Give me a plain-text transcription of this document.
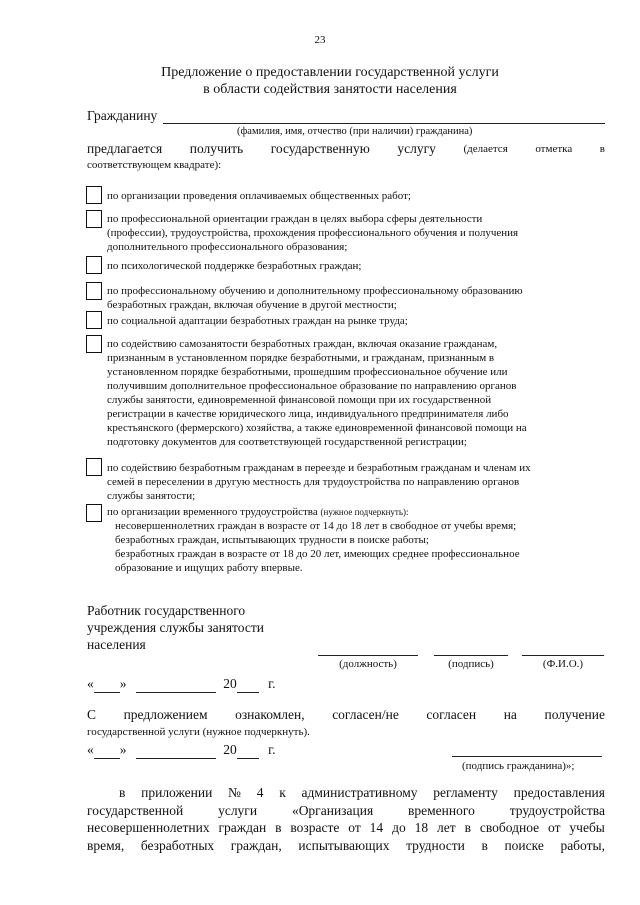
23
Предложение о предоставлении государственной услуги
в области содействия занятости населения
Гражданину
(фамилия, имя, отчество (при наличии) гражданина)
предлагается получить государственную услугу	(делается	отметка	в
соответствующем квадрате):
по организации проведения оплачиваемых общественных работ;
по профессиональной ориентации граждан в целях выбора сферы деятельности
(профессии), трудоустройства, прохождения профессионального обучения и получения
дополнительного профессионального образования;
по психологической поддержке безработных граждан;
по профессиональному обучению и дополнительному профессиональному образованию
безработных граждан, включая обучение в другой местности;
по социальной адаптации безработных граждан на рынке труда;
по содействию самозанятости безработных граждан, включая оказание гражданам,
признанным в установленном порядке безработными, и гражданам, признанным в
установленном порядке безработными, прошедшим профессиональное обучение или
получившим дополнительное профессиональное образование по направлению органов
службы занятости, единовременной финансовой помощи при их государственной
регистрации в качестве юридического лица, индивидуального предпринимателя либо
крестьянского (фермерского) хозяйства, а также единовременной финансовой помощи на
подготовку документов для соответствующей государственной регистрации;
по содействию безработным гражданам в переезде и безработным гражданам и членам их
семей в переселении в другую местность для трудоустройства по направлению органов
службы занятости;
по организации временного трудоустройства (нужное подчеркнуть):
несовершеннолетних граждан в возрасте от 14 до 18 лет в свободное от учебы время;
безработных граждан, испытывающих трудности в поиске работы;
безработных граждан в возрасте от 18 до 20 лет, имеющих среднее профессиональное
образование и ищущих работу впервые.
Работник государственного
учреждения службы занятости
населения
(должность)	(подпись)	(Ф.И.О.)
« »	20 г.
С предложением ознакомлен, согласен/не согласен на получение
государственной услуги (нужное подчеркнуть).
« »	20 г.
(подпись гражданина)»;
в приложении № 4 к административному регламенту предоставления
государственной	услуги	«Организация	временного	трудоустройства
несовершеннолетних граждан в возрасте от 14 до 18 лет в свободное от учебы
время, безработных граждан, испытывающих трудности в поиске работы,
